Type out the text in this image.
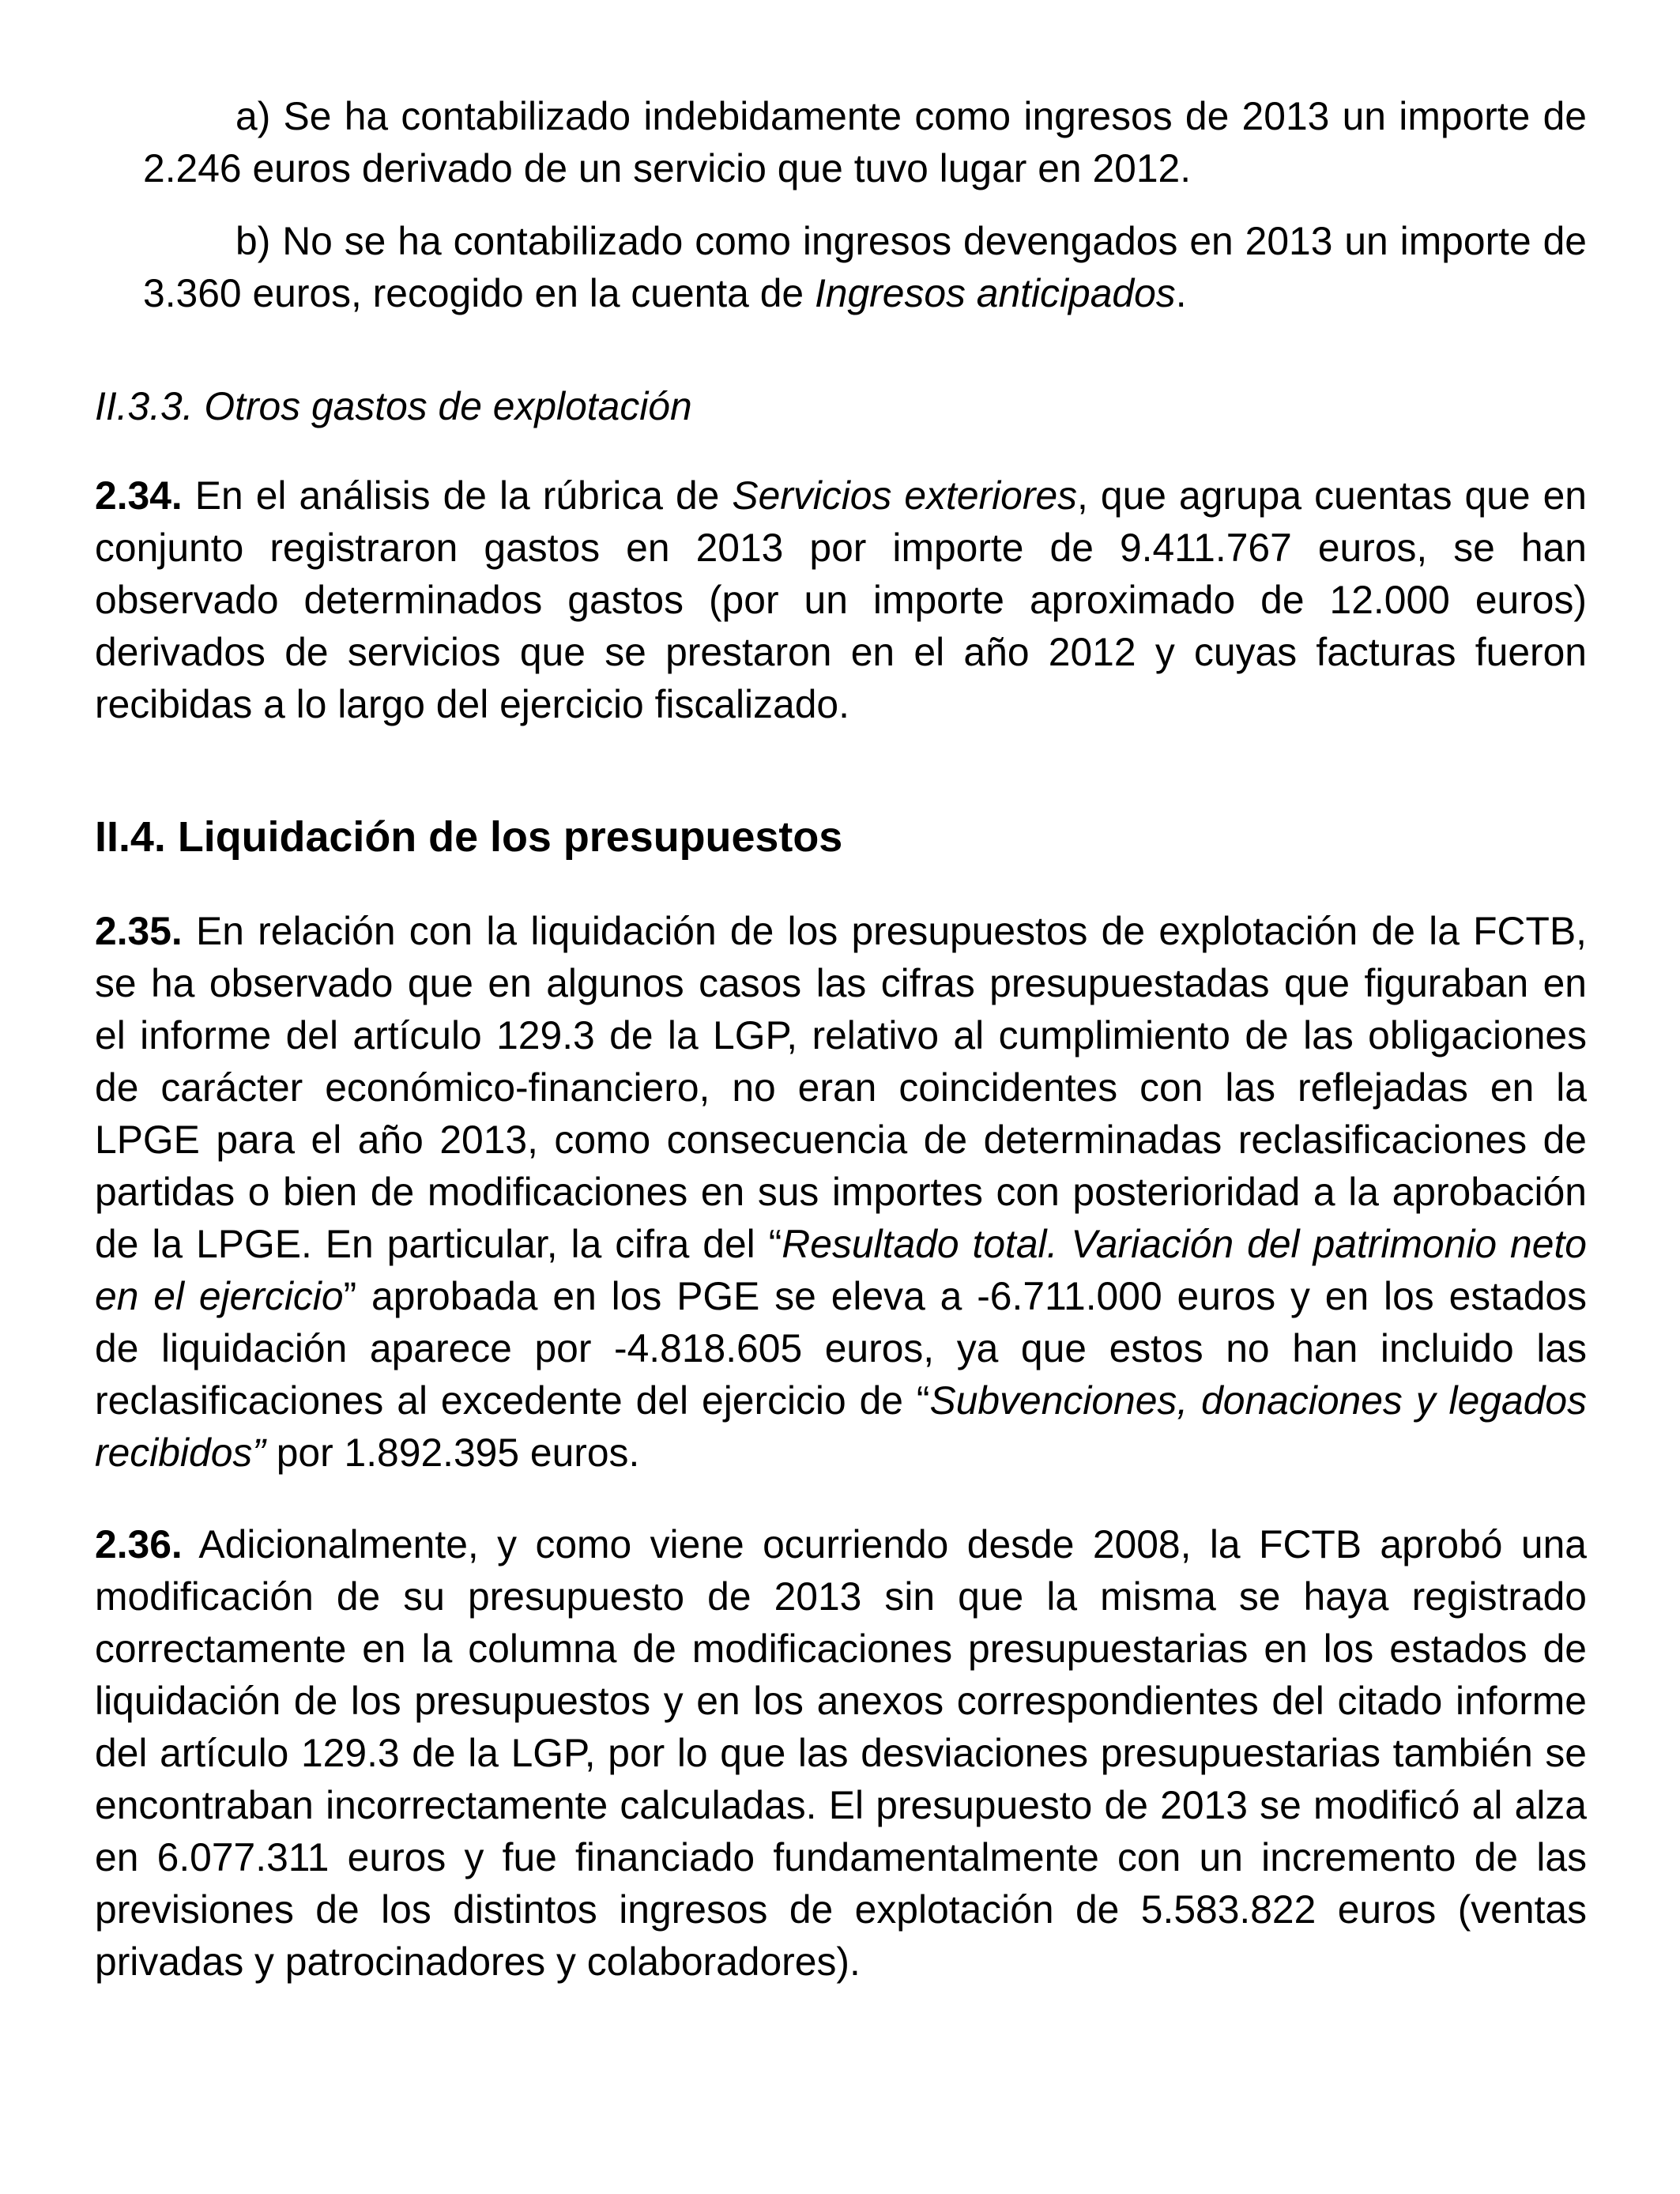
a) Se ha contabilizado indebidamente como ingresos de 2013 un importe de
2.246 euros derivado de un servicio que tuvo lugar en 2012.
b) No se ha contabilizado como ingresos devengados en 2013 un importe de
3.360 euros, recogido en la cuenta de Ingresos anticipados.
II.3.3. Otros gastos de explotación
2.34. En el análisis de la rúbrica de Servicios exteriores, que agrupa cuentas que en
conjunto registraron gastos en 2013 por importe de 9.411.767 euros, se han
observado determinados gastos (por un importe aproximado de 12.000 euros)
derivados de servicios que se prestaron en el año 2012 y cuyas facturas fueron
recibidas a lo largo del ejercicio fiscalizado.
II.4. Liquidación de los presupuestos
2.35. En relación con la liquidación de los presupuestos de explotación de la FCTB,
se ha observado que en algunos casos las cifras presupuestadas que figuraban en
el informe del artículo 129.3 de la LGP, relativo al cumplimiento de las obligaciones
de carácter económico-financiero, no eran coincidentes con las reflejadas en la
LPGE para el año 2013, como consecuencia de determinadas reclasificaciones de
partidas o bien de modificaciones en sus importes con posterioridad a la aprobación
de la LPGE. En particular, la cifra del “Resultado total. Variación del patrimonio neto
en el ejercicio” aprobada en los PGE se eleva a -6.711.000 euros y en los estados
de liquidación aparece por -4.818.605 euros, ya que estos no han incluido las
reclasificaciones al excedente del ejercicio de “Subvenciones, donaciones y legados
recibidos” por 1.892.395 euros.
2.36. Adicionalmente, y como viene ocurriendo desde 2008, la FCTB aprobó una
modificación de su presupuesto de 2013 sin que la misma se haya registrado
correctamente en la columna de modificaciones presupuestarias en los estados de
liquidación de los presupuestos y en los anexos correspondientes del citado informe
del artículo 129.3 de la LGP, por lo que las desviaciones presupuestarias también se
encontraban incorrectamente calculadas. El presupuesto de 2013 se modificó al alza
en 6.077.311 euros y fue financiado fundamentalmente con un incremento de las
previsiones de los distintos ingresos de explotación de 5.583.822 euros (ventas
privadas y patrocinadores y colaboradores).
